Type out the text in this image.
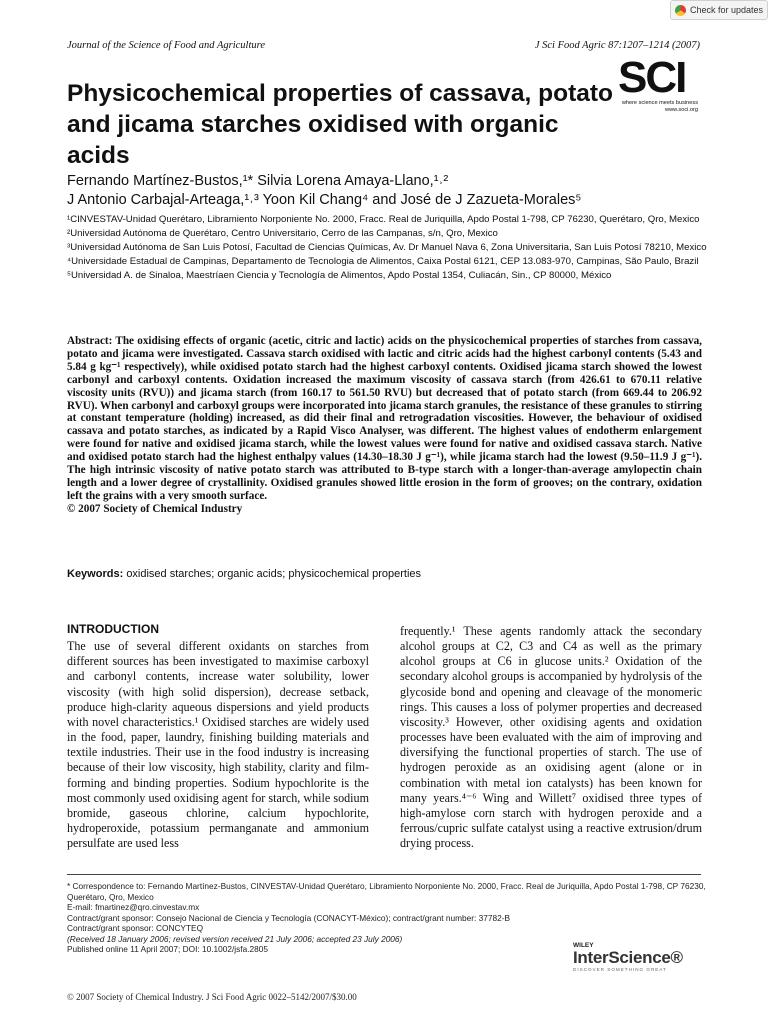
Check for updates
Journal of the Science of Food and Agriculture	J Sci Food Agric 87:1207–1214 (2007)
Physicochemical properties of cassava, potato and jicama starches oxidised with organic acids
SCI
where science meets business
www.soci.org
Fernando Martínez-Bustos,¹* Silvia Lorena Amaya-Llano,¹˒²
J Antonio Carbajal-Arteaga,¹˒³ Yoon Kil Chang⁴ and José de J Zazueta-Morales⁵
¹CINVESTAV-Unidad Querétaro, Libramiento Norponiente No. 2000, Fracc. Real de Juriquilla, Apdo Postal 1-798, CP 76230, Querétaro, Qro, Mexico
²Universidad Autónoma de Querétaro, Centro Universitario, Cerro de las Campanas, s/n, Qro, Mexico
³Universidad Autónoma de San Luis Potosí, Facultad de Ciencias Químicas, Av. Dr Manuel Nava 6, Zona Universitaria, San Luis Potosí 78210, Mexico
⁴Universidade Estadual de Campinas, Departamento de Tecnologia de Alimentos, Caixa Postal 6121, CEP 13.083-970, Campinas, São Paulo, Brazil
⁵Universidad A. de Sinaloa, Maestríaen Ciencia y Tecnología de Alimentos, Apdo Postal 1354, Culiacán, Sin., CP 80000, México
Abstract: The oxidising effects of organic (acetic, citric and lactic) acids on the physicochemical properties of starches from cassava, potato and jicama were investigated. Cassava starch oxidised with lactic and citric acids had the highest carbonyl contents (5.43 and 5.84 g kg⁻¹ respectively), while oxidised potato starch had the highest carboxyl contents. Oxidised jicama starch showed the lowest carbonyl and carboxyl contents. Oxidation increased the maximum viscosity of cassava starch (from 426.61 to 670.11 relative viscosity units (RVU)) and jicama starch (from 160.17 to 561.50 RVU) but decreased that of potato starch (from 669.44 to 206.92 RVU). When carbonyl and carboxyl groups were incorporated into jicama starch granules, the resistance of these granules to stirring at constant temperature (holding) increased, as did their final and retrogradation viscosities. However, the behaviour of oxidised cassava and potato starches, as indicated by a Rapid Visco Analyser, was different. The highest values of endotherm enlargement were found for native and oxidised jicama starch, while the lowest values were found for native and oxidised cassava starch. Native and oxidised potato starch had the highest enthalpy values (14.30–18.30 J g⁻¹), while jicama starch had the lowest (9.50–11.9 J g⁻¹). The high intrinsic viscosity of native potato starch was attributed to B-type starch with a longer-than-average amylopectin chain length and a lower degree of crystallinity. Oxidised granules showed little erosion in the form of grooves; on the contrary, oxidation left the grains with a very smooth surface.
© 2007 Society of Chemical Industry
Keywords: oxidised starches; organic acids; physicochemical properties
INTRODUCTION
The use of several different oxidants on starches from different sources has been investigated to maximise carboxyl and carbonyl contents, increase water solubility, lower viscosity (with high solid dispersion), decrease setback, produce high-clarity aqueous dispersions and yield products with novel characteristics.¹ Oxidised starches are widely used in the food, paper, laundry, finishing building materials and textile industries. Their use in the food industry is increasing because of their low viscosity, high stability, clarity and film-forming and binding properties. Sodium hypochlorite is the most commonly used oxidising agent for starch, while sodium bromide, gaseous chlorine, calcium hypochlorite, hydroperoxide, potassium permanganate and ammonium persulfate are used less
frequently.¹ These agents randomly attack the secondary alcohol groups at C2, C3 and C4 as well as the primary alcohol groups at C6 in glucose units.² Oxidation of the secondary alcohol groups is accompanied by hydrolysis of the glycoside bond and opening and cleavage of the monomeric rings. This causes a loss of polymer properties and decreased viscosity.³ However, other oxidising agents and oxidation processes have been evaluated with the aim of improving and diversifying the functional properties of starch. The use of hydrogen peroxide as an oxidising agent (alone or in combination with metal ion catalysts) has been known for many years.⁴⁻⁶ Wing and Willett⁷ oxidised three types of high-amylose corn starch with hydrogen peroxide and a ferrous/cupric sulfate catalyst using a reactive extrusion/drum drying process.
* Correspondence to: Fernando Martínez-Bustos, CINVESTAV-Unidad Querétaro, Libramiento Norponiente No. 2000, Fracc. Real de Juriquilla, Apdo Postal 1-798, CP 76230, Querétaro, Qro, Mexico
E-mail: fmartinez@qro.cinvestav.mx
Contract/grant sponsor: Consejo Nacional de Ciencia y Tecnología (CONACYT-México); contract/grant number: 37782-B
Contract/grant sponsor: CONCYTEQ
(Received 18 January 2006; revised version received 21 July 2006; accepted 23 July 2006)
Published online 11 April 2007; DOI: 10.1002/jsfa.2805
© 2007 Society of Chemical Industry. J Sci Food Agric 0022–5142/2007/$30.00
WILEY
InterScience®
DISCOVER SOMETHING GREAT
